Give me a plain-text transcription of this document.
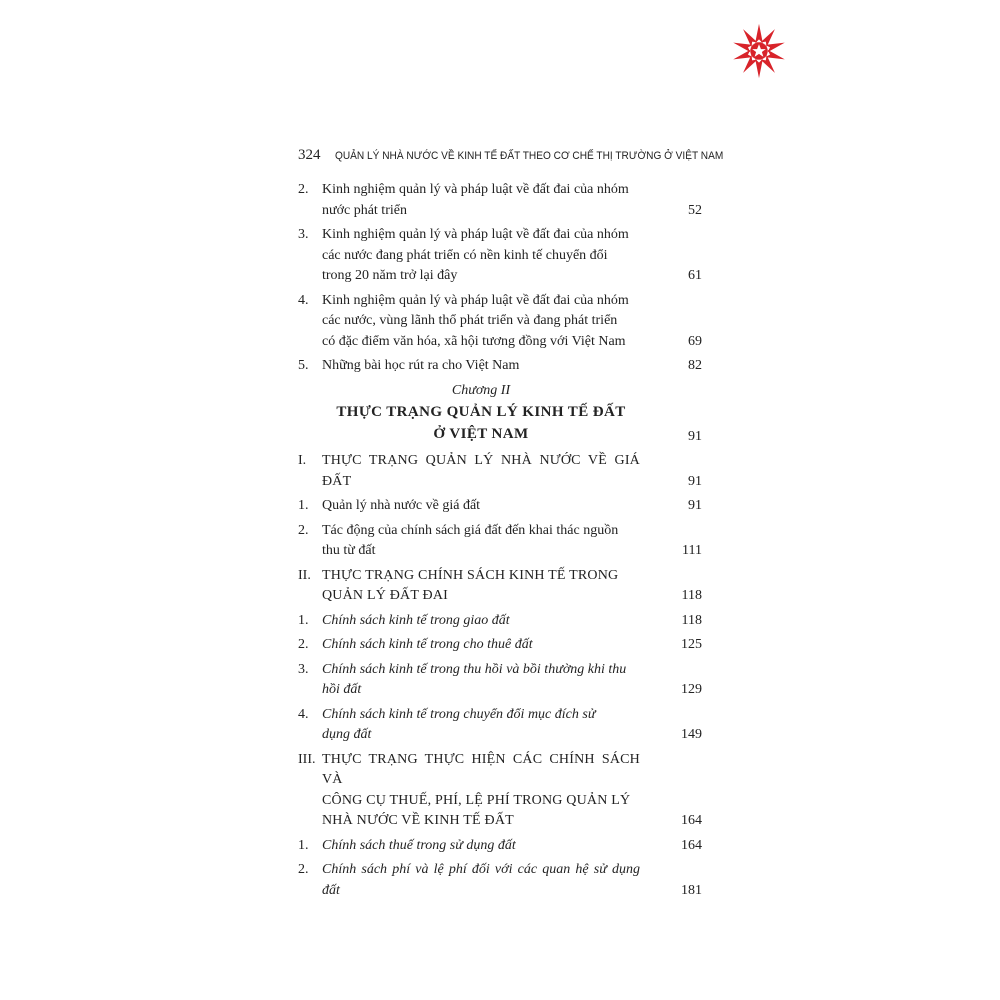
324 QUẢN LÝ NHÀ NƯỚC VỀ KINH TẾ ĐẤT THEO CƠ CHẾ THỊ TRƯỜNG Ở VIỆT NAM
2. Kinh nghiệm quản lý và pháp luật về đất đai của nhóm
nước phát triển	52
3. Kinh nghiệm quản lý và pháp luật về đất đai của nhóm
các nước đang phát triển có nền kinh tế chuyển đổi
trong 20 năm trở lại đây	61
4. Kinh nghiệm quản lý và pháp luật về đất đai của nhóm
các nước, vùng lãnh thổ phát triển và đang phát triển
có đặc điểm văn hóa, xã hội tương đồng với Việt Nam	69
5. Những bài học rút ra cho Việt Nam	82
Chương II
THỰC TRẠNG QUẢN LÝ KINH TẾ ĐẤT
Ở VIỆT NAM	91
I.	THỰC TRẠNG QUẢN LÝ NHÀ NƯỚC VỀ GIÁ ĐẤT	91
1. Quản lý nhà nước về giá đất	91
2. Tác động của chính sách giá đất đến khai thác nguồn
thu từ đất	111
II. THỰC TRẠNG CHÍNH SÁCH KINH TẾ TRONG
QUẢN LÝ ĐẤT ĐAI	118
1. Chính sách kinh tế trong giao đất	118
2. Chính sách kinh tế trong cho thuê đất	125
3. Chính sách kinh tế trong thu hồi và bồi thường khi thu
hồi đất	129
4. Chính sách kinh tế trong chuyển đổi mục đích sử
dụng đất	149
III. THỰC TRẠNG THỰC HIỆN CÁC CHÍNH SÁCH VÀ
CÔNG CỤ THUẾ, PHÍ, LỆ PHÍ TRONG QUẢN LÝ
NHÀ NƯỚC VỀ KINH TẾ ĐẤT	164
1. Chính sách thuế trong sử dụng đất	164
2. Chính sách phí và lệ phí đối với các quan hệ sử dụng đất	181
